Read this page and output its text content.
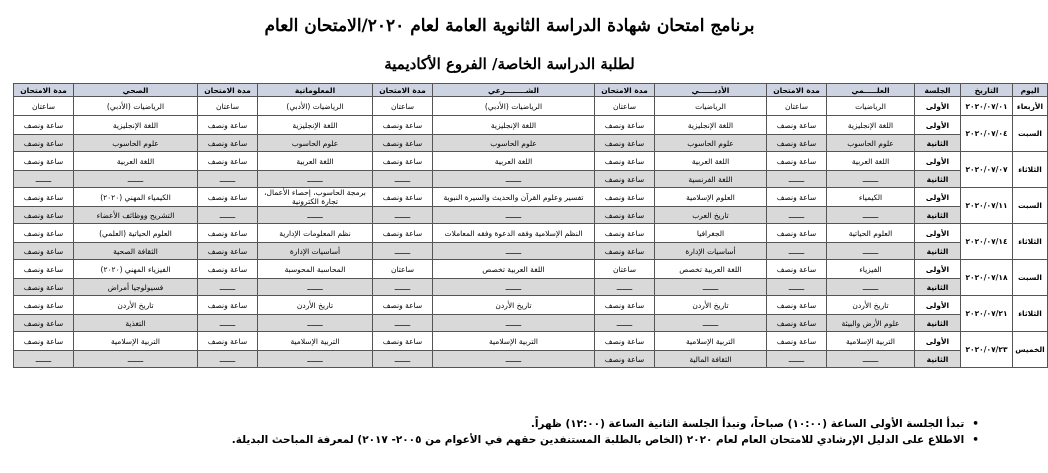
برنامج امتحان شهادة الدراسة الثانوية العامة لعام ٢٠٢٠/الامتحان العام
لطلبة الدراسة الخاصة/ الفروع الأكاديمية
اليوم	التاريخ	الجلسة	العلـــــمي	مدة الامتحان	الأدبــــــي	مدة الامتحان	الشــــــــرعي	مدة الامتحان	المعلوماتية	مدة الامتحان	الصحي	مدة الامتحان
الأربعاء	٢٠٢٠/٠٧/٠١	الأولى	الرياضيات	ساعتان	الرياضيات	ساعتان	الرياضيات (الأدبي)	ساعتان	الرياضيات (الأدبي)	ساعتان	الرياضيات (الأدبي)	ساعتان
السبت	٢٠٢٠/٠٧/٠٤	الأولى	اللغة الإنجليزية	ساعة ونصف	اللغة الإنجليزية	ساعة ونصف	اللغة الإنجليزية	ساعة ونصف	اللغة الإنجليزية	ساعة ونصف	اللغة الإنجليزية	ساعة ونصف
		الثانية	علوم الحاسوب	ساعة ونصف	علوم الحاسوب	ساعة ونصف	علوم الحاسوب	ساعة ونصف	علوم الحاسوب	ساعة ونصف	علوم الحاسوب	ساعة ونصف
الثلاثاء	٢٠٢٠/٠٧/٠٧	الأولى	اللغة العربية	ساعة ونصف	اللغة العربية	ساعة ونصف	اللغة العربية	ساعة ونصف	اللغة العربية	ساعة ونصف	اللغة العربية	ساعة ونصف
		الثانية	ـــــــ	ـــــــ	اللغة الفرنسية	ساعة ونصف	ـــــــ	ـــــــ	ـــــــ	ـــــــ	ـــــــ	ـــــــ
السبت	٢٠٢٠/٠٧/١١	الأولى	الكيمياء	ساعة ونصف	العلوم الإسلامية	ساعة ونصف	تفسير وعلوم القرآن والحديث والسيرة النبوية	ساعة ونصف	برمجة الحاسوب، إحصاء الأعمال، تجارة الكترونية	ساعة ونصف	الكيمياء المهني (٢٠٢٠)	ساعة ونصف
		الثانية	ـــــــ	ـــــــ	تاريخ العرب	ساعة ونصف	ـــــــ	ـــــــ	ـــــــ	ـــــــ	التشريح ووظائف الأعضاء	ساعة ونصف
الثلاثاء	٢٠٢٠/٠٧/١٤	الأولى	العلوم الحياتية	ساعة ونصف	الجغرافيا	ساعة ونصف	النظم الإسلامية وفقه الدعوة وفقه المعاملات	ساعة ونصف	نظم المعلومات الإدارية	ساعة ونصف	العلوم الحياتية (العلمي)	ساعة ونصف
		الثانية	ـــــــ	ـــــــ	أساسيات الإدارة	ساعة ونصف	ـــــــ	ـــــــ	أساسيات الإدارة	ساعة ونصف	الثقافة الصحية	ساعة ونصف
السبت	٢٠٢٠/٠٧/١٨	الأولى	الفيزياء	ساعة ونصف	اللغة العربية تخصص	ساعتان	اللغة العربية تخصص	ساعتان	المحاسبة المحوسبة	ساعة ونصف	الفيزياء المهني (٢٠٢٠)	ساعة ونصف
		الثانية	ـــــــ	ـــــــ	ـــــــ	ـــــــ	ـــــــ	ـــــــ	ـــــــ	ـــــــ	فسيولوجيا أمراض	ساعة ونصف
الثلاثاء	٢٠٢٠/٠٧/٢١	الأولى	تاريخ الأردن	ساعة ونصف	تاريخ الأردن	ساعة ونصف	تاريخ الأردن	ساعة ونصف	تاريخ الأردن	ساعة ونصف	تاريخ الأردن	ساعة ونصف
		الثانية	علوم الأرض والبيئة	ساعة ونصف	ـــــــ	ـــــــ	ـــــــ	ـــــــ	ـــــــ	ـــــــ	التغذية	ساعة ونصف
الخميس	٢٠٢٠/٠٧/٢٣	الأولى	التربية الإسلامية	ساعة ونصف	التربية الإسلامية	ساعة ونصف	التربية الإسلامية	ساعة ونصف	التربية الإسلامية	ساعة ونصف	التربية الإسلامية	ساعة ونصف
		الثانية	ـــــــ	ـــــــ	الثقافة المالية	ساعة ونصف	ـــــــ	ـــــــ	ـــــــ	ـــــــ	ـــــــ	ـــــــ
•تبدأ الجلسة الأولى الساعة (١٠:٠٠) صباحاً، وتبدأ الجلسة الثانية الساعة (١٢:٠٠) ظهراً.
•الاطلاع على الدليل الإرشادي للامتحان العام لعام ٢٠٢٠ (الخاص بالطلبة المستنفدين حقهم في الأعوام من ٢٠٠٥- ٢٠١٧) لمعرفة المباحث البديلة.
